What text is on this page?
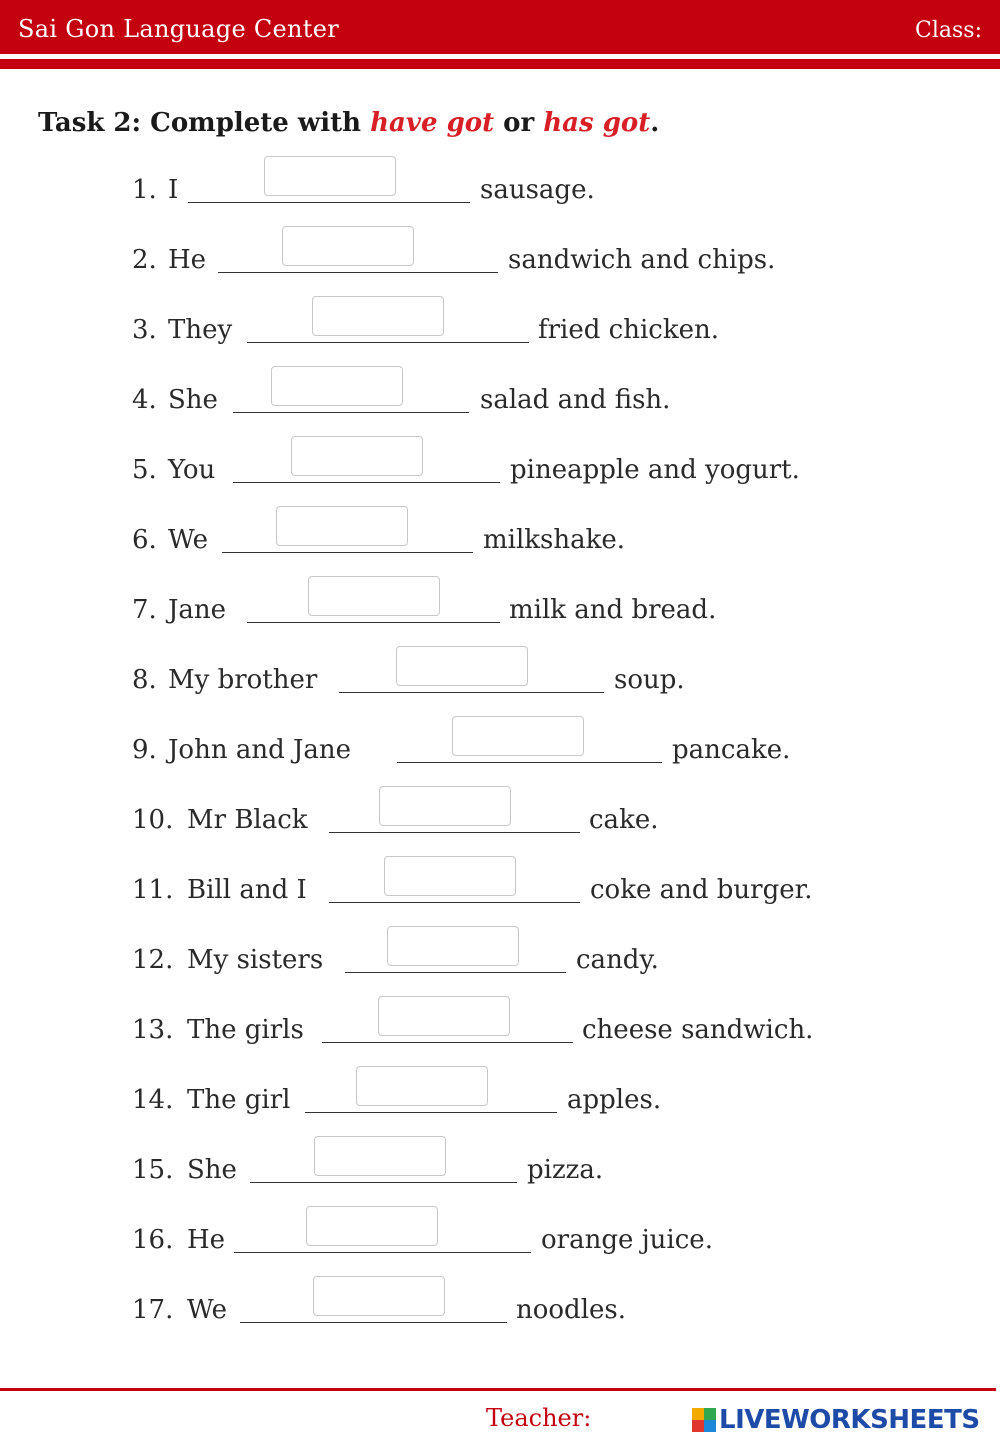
Sai Gon Language Center	Class:
Task 2: Complete with have got or has got.
1. I	sausage.
2. He	sandwich and chips.
3. They	fried chicken.
4. She	salad and fish.
5. You	pineapple and yogurt.
6. We	milkshake.
7. Jane	milk and bread.
8. My brother	soup.
9. John and Jane	pancake.
10. Mr Black	cake.
11. Bill and I	coke and burger.
12. My sisters	candy.
13. The girls	cheese sandwich.
14. The girl	apples.
15. She	pizza.
16. He	orange juice.
17. We	noodles.
Teacher:	LIVEWORKSHEETS
